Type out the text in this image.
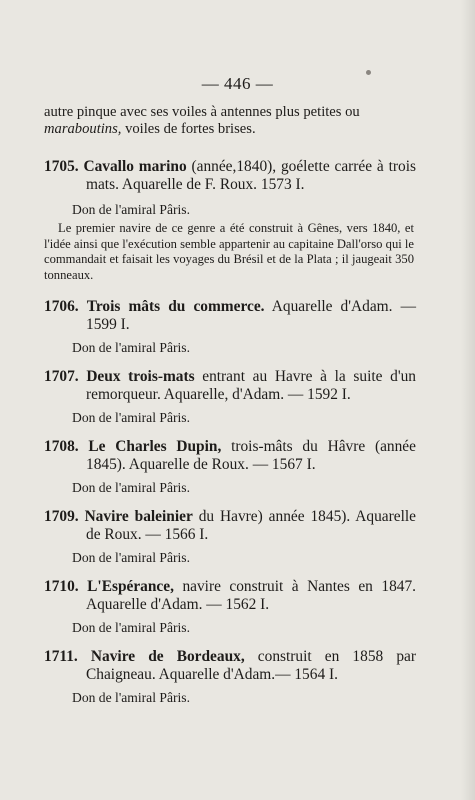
— 446 —

autre pinque avec ses voiles à antennes plus petites ou maraboutins, voiles de fortes brises.

1705. Cavallo marino (année,1840), goélette carrée à trois mats. Aquarelle de F. Roux. 1573 I.
Don de l'amiral Pâris.
Le premier navire de ce genre a été construit à Gênes, vers 1840, et l'idée ainsi que l'exécution semble appartenir au capitaine Dall'orso qui le commandait et faisait les voyages du Brésil et de la Plata ; il jaugeait 350 tonneaux.
1706. Trois mâts du commerce. Aquarelle d'Adam. — 1599 I.
Don de l'amiral Pâris.
1707. Deux trois-mats entrant au Havre à la suite d'un remorqueur. Aquarelle, d'Adam. — 1592 I.
Don de l'amiral Pâris.
1708. Le Charles Dupin, trois-mâts du Hâvre (année 1845). Aquarelle de Roux. — 1567 I.
Don de l'amiral Pâris.
1709. Navire baleinier du Havre) année 1845). Aquarelle de Roux. — 1566 I.
Don de l'amiral Pâris.
1710. L'Espérance, navire construit à Nantes en 1847. Aquarelle d'Adam. — 1562 I.
Don de l'amiral Pâris.
1711. Navire de Bordeaux, construit en 1858 par Chaigneau. Aquarelle d'Adam.— 1564 I.
Don de l'amiral Pâris.
